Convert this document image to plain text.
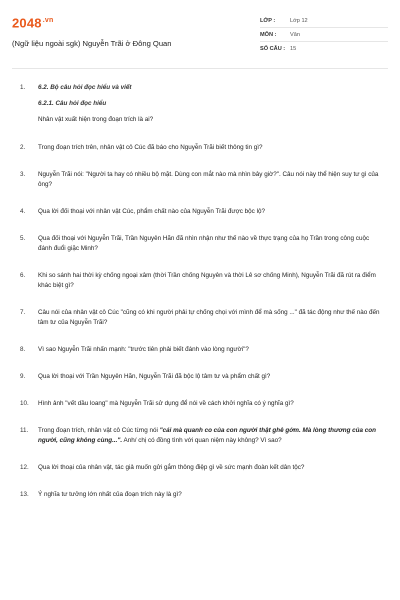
$2048^{.vn}$
(Ngữ liệu ngoài sgk) Nguyễn Trãi ở Đông Quan
LỚP :	Lớp 12
MÔN :	Văn
SỐ CÂU : 15
1.	6.2. Bộ câu hỏi đọc hiểu và viết
6.2.1. Câu hỏi đọc hiểu
Nhân vật xuất hiện trong đoạn trích là ai?
2.	Trong đoạn trích trên, nhân vật cô Cúc đã báo cho Nguyễn Trãi biết thông tin gì?
3.	Nguyễn Trãi nói: "Người ta hay có nhiều bộ mặt. Dùng con mắt nào mà nhìn bây giờ?". Câu nói này thể hiện suy tư gì của ông?
4.	Qua lời đối thoại với nhân vật Cúc, phẩm chất nào của Nguyễn Trãi được bộc lộ?
5.	Qua đối thoại với Nguyễn Trãi, Trần Nguyên Hãn đã nhìn nhận như thế nào về thực trạng của họ Trần trong công cuộc đánh đuổi giặc Minh?
6.	Khi so sánh hai thời kỳ chống ngoại xâm (thời Trần chống Nguyên và thời Lê sơ chống Minh), Nguyễn Trãi đã rút ra điểm khác biệt gì?
7.	Câu nói của nhân vật cô Cúc "cũng có khi người phải tự chống chọi với mình để mà sống ..." đã tác động như thế nào đến tâm tư của Nguyễn Trãi?
8.	Vì sao Nguyễn Trãi nhấn mạnh: "trước tiên phải biết đánh vào lòng người"?
9.	Qua lời thoại với Trần Nguyên Hãn, Nguyễn Trãi đã bộc lộ tâm tư và phẩm chất gì?
10.	Hình ảnh "vết dầu loang" mà Nguyễn Trãi sử dụng để nói về cách khởi nghĩa có ý nghĩa gì?
11.	Trong đoạn trích, nhân vật cô Cúc từng nói "cái mà quanh co của con người thật ghê gớm. Mà lòng thương của con người, cũng không cùng...". Anh/ chị có đồng tình với quan niệm này không? Vì sao?
12.	Qua lời thoại của nhân vật, tác giả muốn gửi gắm thông điệp gì về sức mạnh đoàn kết dân tộc?
13.	Ý nghĩa tư tưởng lớn nhất của đoạn trích này là gì?
